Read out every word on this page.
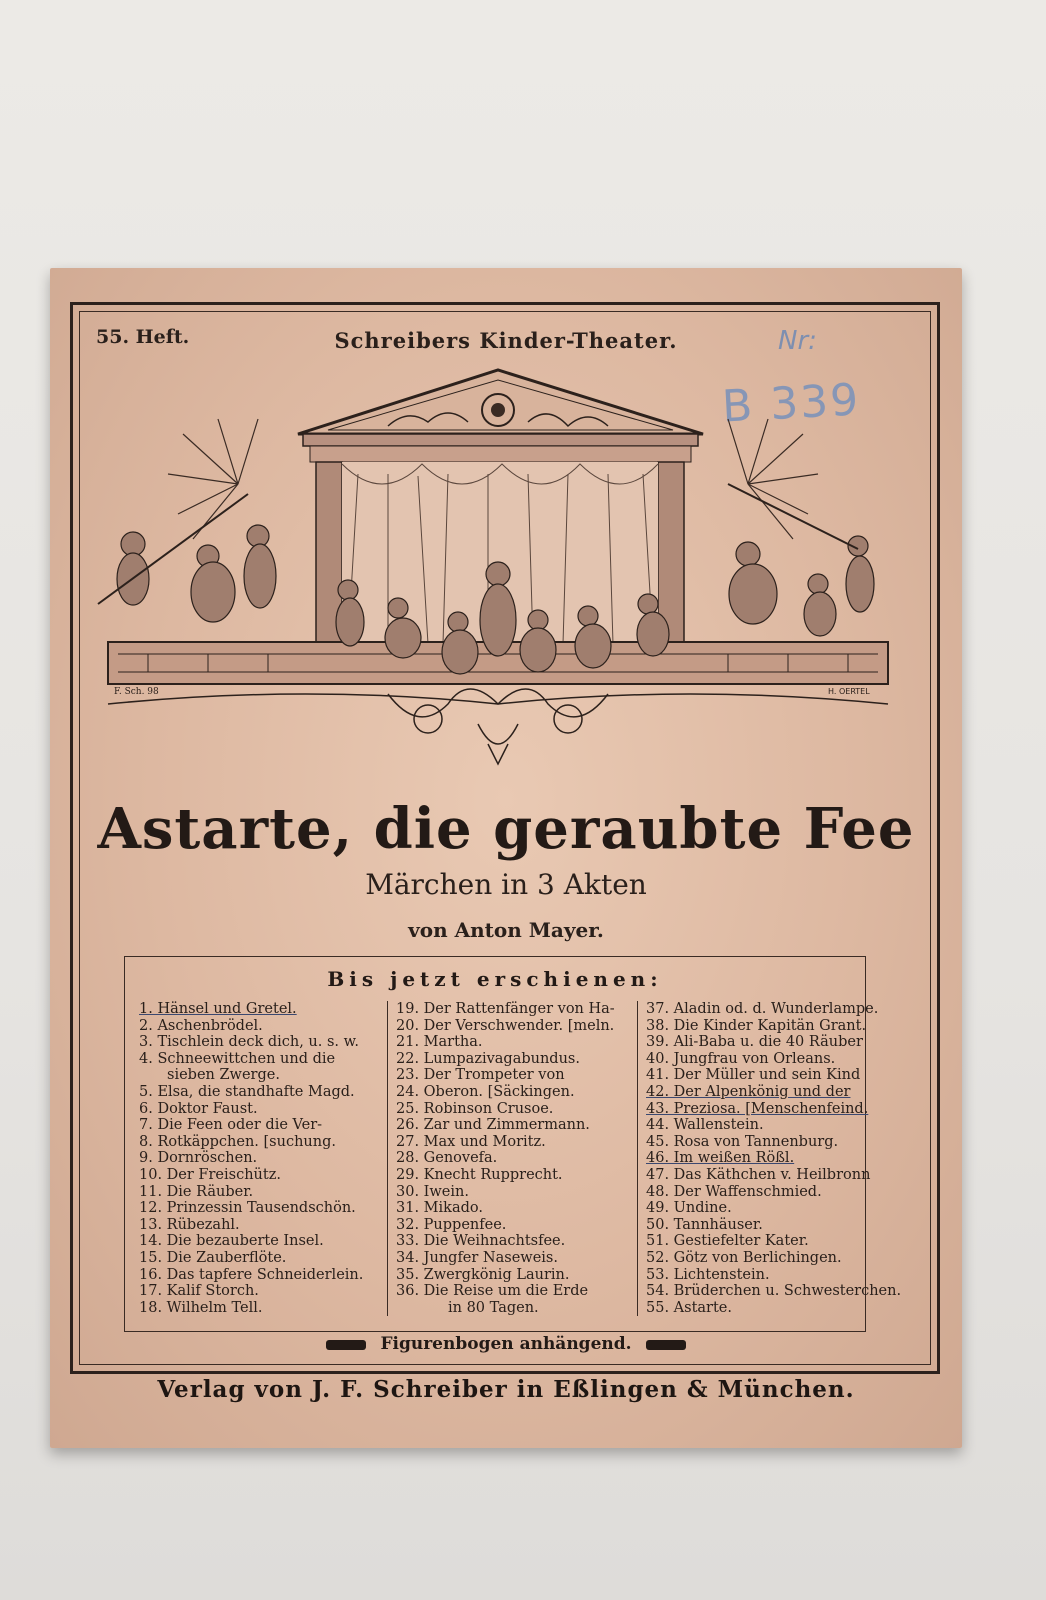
55. Heft.	Schreibers Kinder-Theater.	Nr:
B 339
F. Sch. 98	H. OERTEL
Astarte, die geraubte Fee
Märchen in 3 Akten
von Anton Mayer.
Bis jetzt erschienen:
1. Hänsel und Gretel.
2. Aschenbrödel.
3. Tischlein deck dich, u. s. w.
4. Schneewittchen und die
sieben Zwerge.
5. Elsa, die standhafte Magd.
6. Doktor Faust.
7. Die Feen oder die Ver-
8. Rotkäppchen. [suchung.
9. Dornröschen.
10. Der Freischütz.
11. Die Räuber.
12. Prinzessin Tausendschön.
13. Rübezahl.
14. Die bezauberte Insel.
15. Die Zauberflöte.
16. Das tapfere Schneiderlein.
17. Kalif Storch.
18. Wilhelm Tell.
19. Der Rattenfänger von Ha-
20. Der Verschwender. [meln.
21. Martha.
22. Lumpazivagabundus.
23. Der Trompeter von
24. Oberon. [Säckingen.
25. Robinson Crusoe.
26. Zar und Zimmermann.
27. Max und Moritz.
28. Genovefa.
29. Knecht Rupprecht.
30. Iwein.
31. Mikado.
32. Puppenfee.
33. Die Weihnachtsfee.
34. Jungfer Naseweis.
35. Zwergkönig Laurin.
36. Die Reise um die Erde
in 80 Tagen.
37. Aladin od. d. Wunderlampe.
38. Die Kinder Kapitän Grant.
39. Ali-Baba u. die 40 Räuber
40. Jungfrau von Orleans.
41. Der Müller und sein Kind
42. Der Alpenkönig und der
43. Preziosa. [Menschenfeind.
44. Wallenstein.
45. Rosa von Tannenburg.
46. Im weißen Rößl.
47. Das Käthchen v. Heilbronn
48. Der Waffenschmied.
49. Undine.
50. Tannhäuser.
51. Gestiefelter Kater.
52. Götz von Berlichingen.
53. Lichtenstein.
54. Brüderchen u. Schwesterchen.
55. Astarte.
Figurenbogen anhängend.
Verlag von J. F. Schreiber in Eßlingen & München.
